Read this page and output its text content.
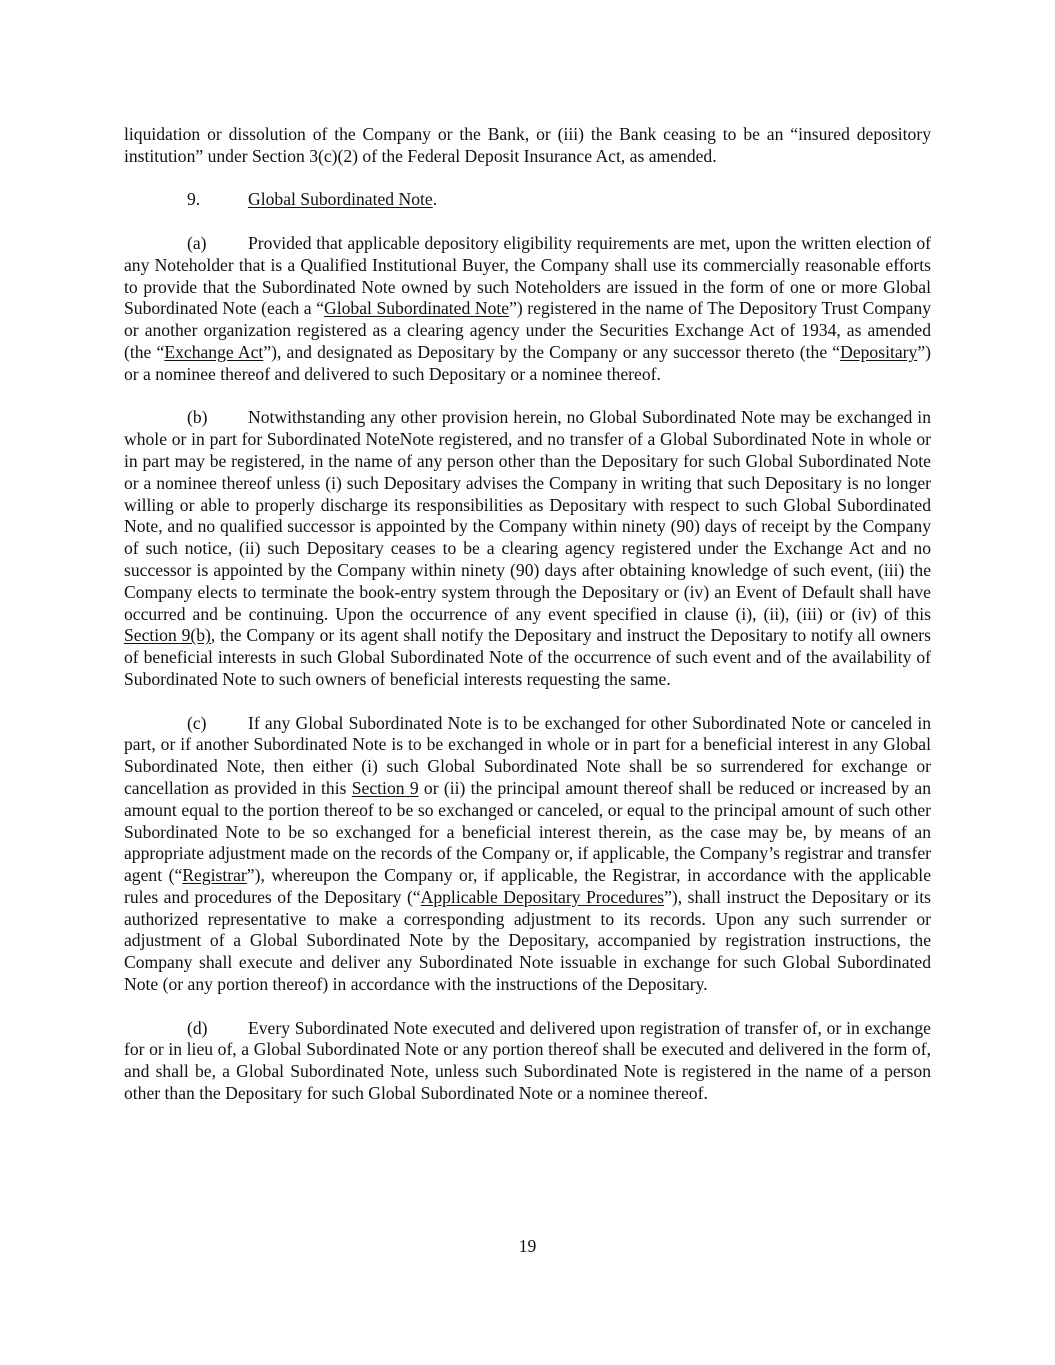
liquidation or dissolution of the Company or the Bank, or (iii) the Bank ceasing to be an “insured depository institution” under Section 3(c)(2) of the Federal Deposit Insurance Act, as amended.

9.	Global Subordinated Note.

(a) Provided that applicable depository eligibility requirements are met, upon the written election of any Noteholder that is a Qualified Institutional Buyer, the Company shall use its commercially reasonable efforts to provide that the Subordinated Note owned by such Noteholders are issued in the form of one or more Global Subordinated Note (each a “Global Subordinated Note”) registered in the name of The Depository Trust Company or another organization registered as a clearing agency under the Securities Exchange Act of 1934, as amended (the “Exchange Act”), and designated as Depositary by the Company or any successor thereto (the “Depositary”) or a nominee thereof and delivered to such Depositary or a nominee thereof.

(b) Notwithstanding any other provision herein, no Global Subordinated Note may be exchanged in whole or in part for Subordinated NoteNote registered, and no transfer of a Global Subordinated Note in whole or in part may be registered, in the name of any person other than the Depositary for such Global Subordinated Note or a nominee thereof unless (i) such Depositary advises the Company in writing that such Depositary is no longer willing or able to properly discharge its responsibilities as Depositary with respect to such Global Subordinated Note, and no qualified successor is appointed by the Company within ninety (90) days of receipt by the Company of such notice, (ii) such Depositary ceases to be a clearing agency registered under the Exchange Act and no successor is appointed by the Company within ninety (90) days after obtaining knowledge of such event, (iii) the Company elects to terminate the book-entry system through the Depositary or (iv) an Event of Default shall have occurred and be continuing. Upon the occurrence of any event specified in clause (i), (ii), (iii) or (iv) of this Section 9(b), the Company or its agent shall notify the Depositary and instruct the Depositary to notify all owners of beneficial interests in such Global Subordinated Note of the occurrence of such event and of the availability of Subordinated Note to such owners of beneficial interests requesting the same.

(c) If any Global Subordinated Note is to be exchanged for other Subordinated Note or canceled in part, or if another Subordinated Note is to be exchanged in whole or in part for a beneficial interest in any Global Subordinated Note, then either (i) such Global Subordinated Note shall be so surrendered for exchange or cancellation as provided in this Section 9 or (ii) the principal amount thereof shall be reduced or increased by an amount equal to the portion thereof to be so exchanged or canceled, or equal to the principal amount of such other Subordinated Note to be so exchanged for a beneficial interest therein, as the case may be, by means of an appropriate adjustment made on the records of the Company or, if applicable, the Company’s registrar and transfer agent (“Registrar”), whereupon the Company or, if applicable, the Registrar, in accordance with the applicable rules and procedures of the Depositary (“Applicable Depositary Procedures”), shall instruct the Depositary or its authorized representative to make a corresponding adjustment to its records. Upon any such surrender or adjustment of a Global Subordinated Note by the Depositary, accompanied by registration instructions, the Company shall execute and deliver any Subordinated Note issuable in exchange for such Global Subordinated Note (or any portion thereof) in accordance with the instructions of the Depositary.

(d) Every Subordinated Note executed and delivered upon registration of transfer of, or in exchange for or in lieu of, a Global Subordinated Note or any portion thereof shall be executed and delivered in the form of, and shall be, a Global Subordinated Note, unless such Subordinated Note is registered in the name of a person other than the Depositary for such Global Subordinated Note or a nominee thereof.

19
